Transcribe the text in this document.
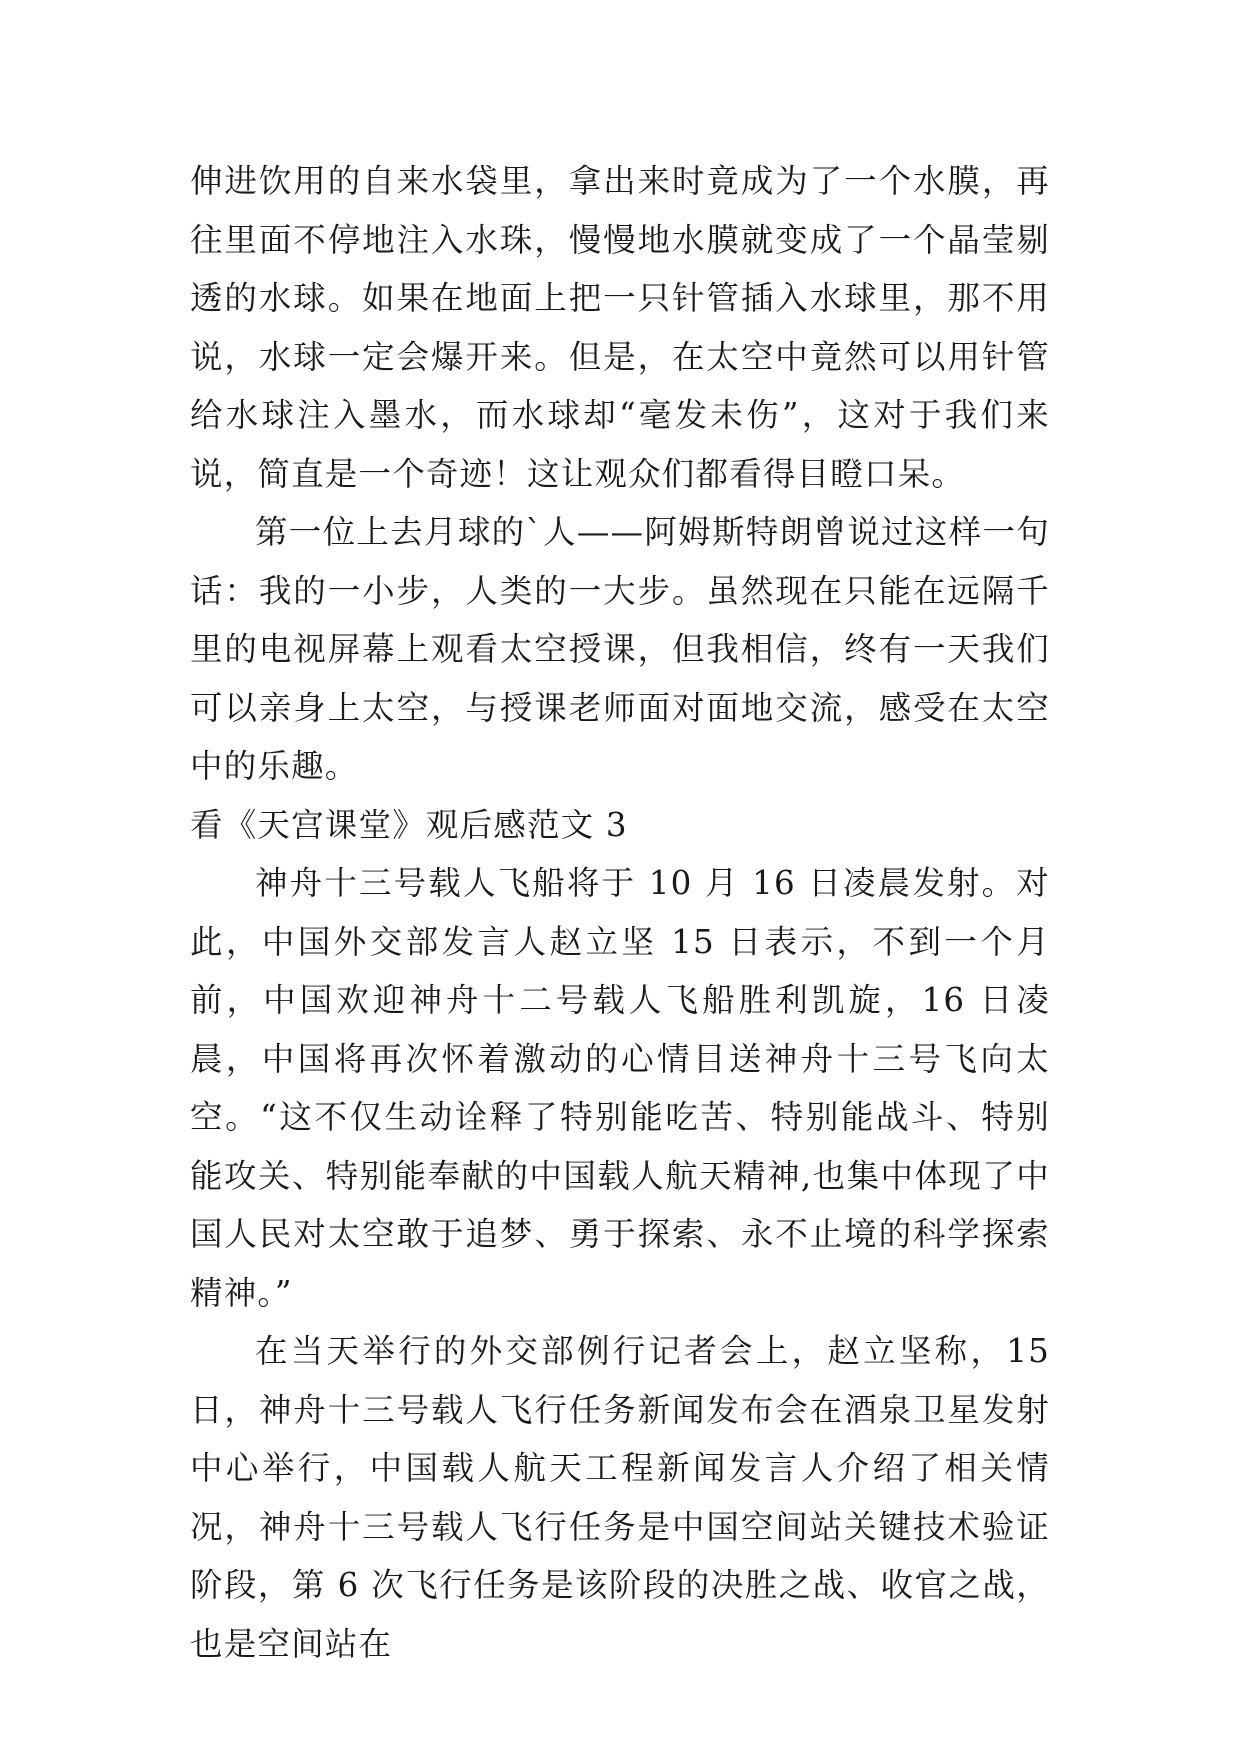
伸进饮用的自来水袋里，拿出来时竟成为了一个水膜，再往里面不停地注入水珠，慢慢地水膜就变成了一个晶莹剔透的水球。如果在地面上把一只针管插入水球里，那不用说，水球一定会爆开来。但是，在太空中竟然可以用针管给水球注入墨水，而水球却“毫发未伤”，这对于我们来说，简直是一个奇迹！这让观众们都看得目瞪口呆。

第一位上去月球的`人——阿姆斯特朗曾说过这样一句话：我的一小步，人类的一大步。虽然现在只能在远隔千里的电视屏幕上观看太空授课，但我相信，终有一天我们可以亲身上太空，与授课老师面对面地交流，感受在太空中的乐趣。

看《天宫课堂》观后感范文 3

神舟十三号载人飞船将于 10 月 16 日凌晨发射。对此，中国外交部发言人赵立坚 15 日表示，不到一个月前，中国欢迎神舟十二号载人飞船胜利凯旋，16 日凌晨，中国将再次怀着激动的心情目送神舟十三号飞向太空。“这不仅生动诠释了特别能吃苦、特别能战斗、特别能攻关、特别能奉献的中国载人航天精神,也集中体现了中国人民对太空敢于追梦、勇于探索、永不止境的科学探索精神。”

在当天举行的外交部例行记者会上，赵立坚称，15 日，神舟十三号载人飞行任务新闻发布会在酒泉卫星发射中心举行，中国载人航天工程新闻发言人介绍了相关情况，神舟十三号载人飞行任务是中国空间站关键技术验证阶段，第 6 次飞行任务是该阶段的决胜之战、收官之战，也是空间站在
